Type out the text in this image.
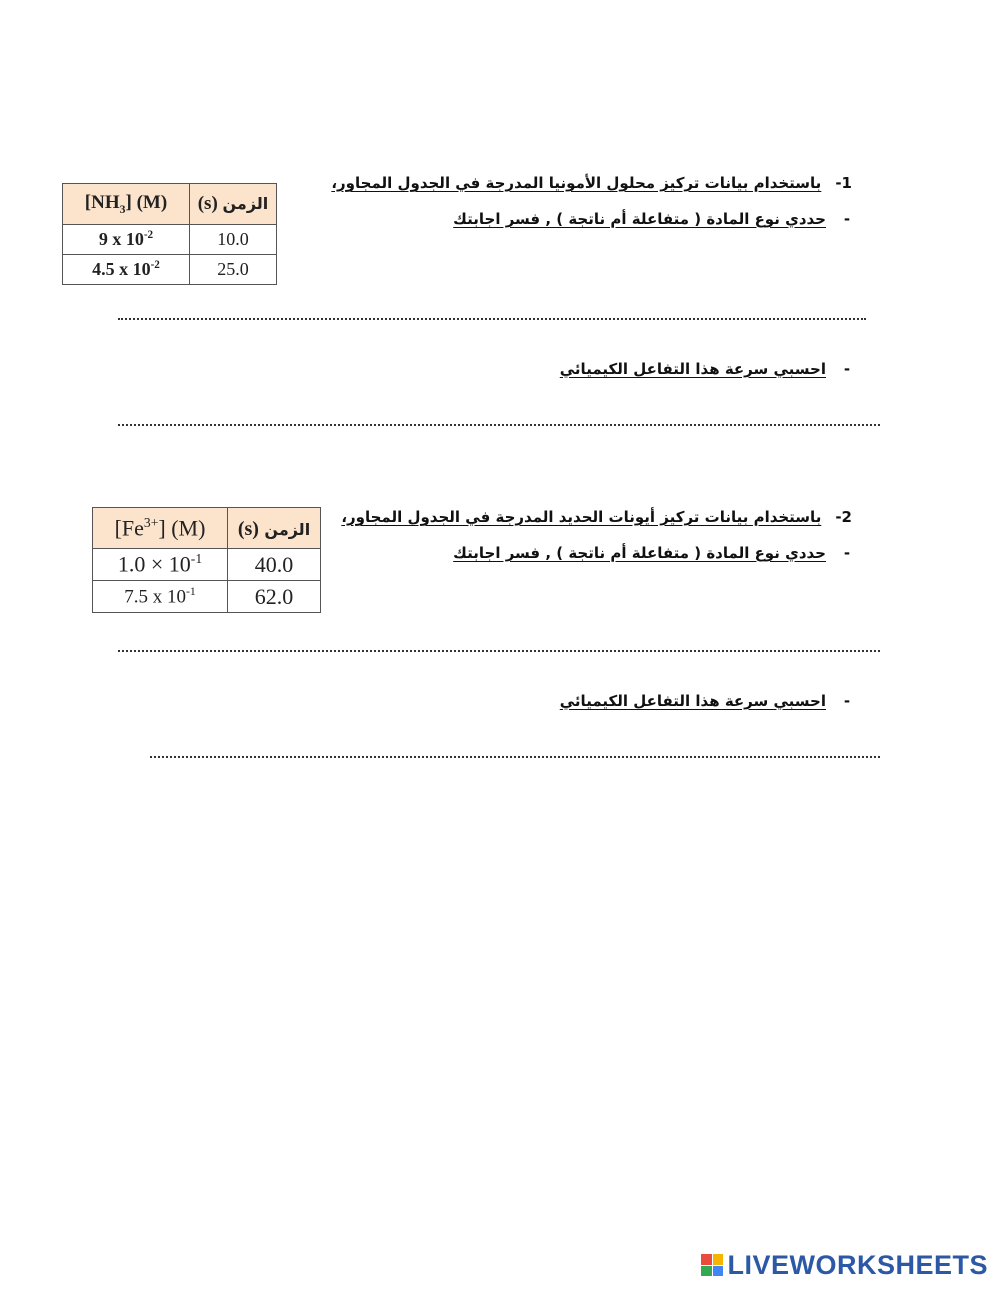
-1باستخدام بيانات تركيز محلول الأمونيا المدرجة في الجدول المجاور،
-حددي نوع المادة ( متفاعلة أم ناتجة ) , فسر اجابتك
-احسبي سرعة هذا التفاعل الكيميائي
$[NH_3]$ (M)	(s) الزمن
9 x $10^{-2}$	10.0
4.5 x $10^{-2}$	25.0
-2باستخدام بيانات تركيز أيونات الحديد المدرجة في الجدول المجاور،
-حددي نوع المادة ( متفاعلة أم ناتجة ) , فسر اجابتك
-احسبي سرعة هذا التفاعل الكيميائي
$[Fe^{3+}]$ (M)	(s) الزمن
$1.0 \times 10^{-1}$	40.0
7.5 x $10^{-1}$	62.0
LIVEWORKSHEETS
